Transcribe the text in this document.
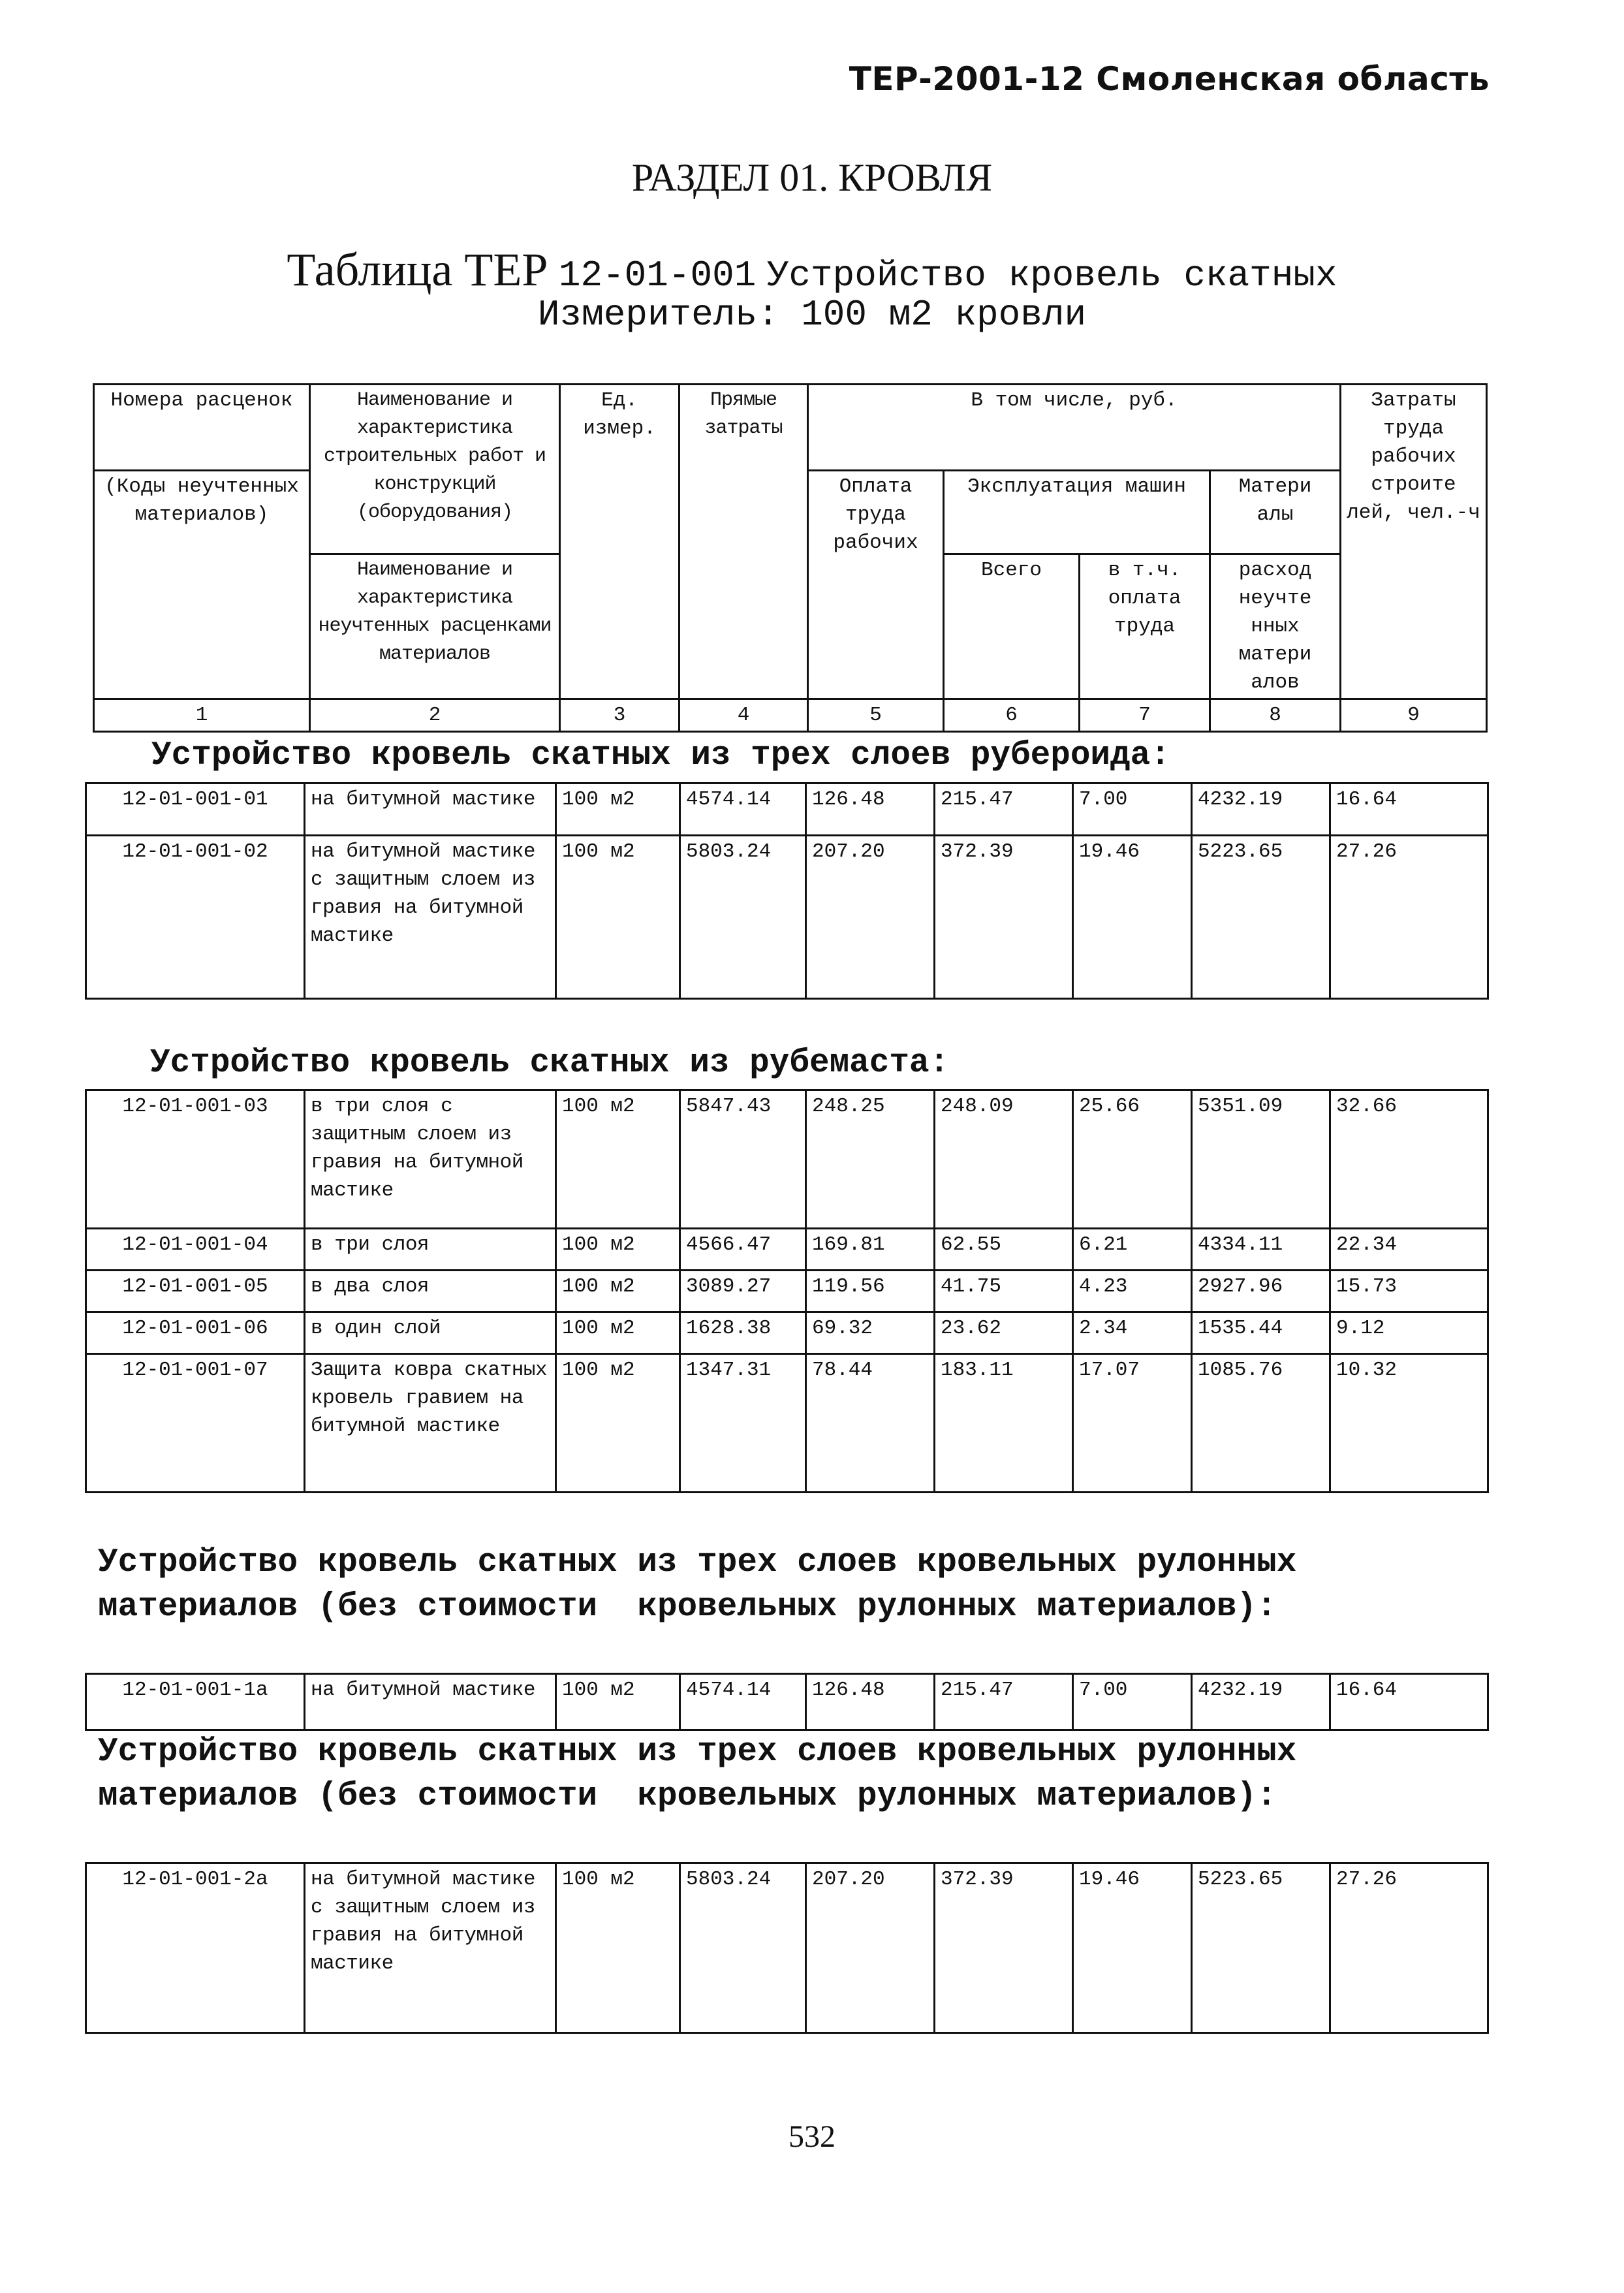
ТЕР-2001-12 Смоленская область
РАЗДЕЛ 01. КРОВЛЯ
Таблица ТЕР 12-01-001 Устройство кровель скатных
Измеритель: 100 м2 кровли
Номера расценок	Наименование и характеристика строительных работ и конструкций (оборудования)	Ед. измер.	Прямые затраты	В том числе, руб.				Затраты труда рабочих строите лей, чел.-ч
(Коды неучтенных материалов)				Оплата труда рабочих	Эксплуатация машин		Матери алы	
	Наименование и характеристика неучтенных расценками материалов				Всего	в т.ч. оплата труда	расход неучте нных матери алов	
1	2	3	4	5	6	7	8	9
Устройство кровель скатных из трех слоев рубероида:
12-01-001-01	на битумной мастике	100 м2	4574.14	126.48	215.47	7.00	4232.19	16.64
12-01-001-02	на битумной мастике с защитным слоем из гравия на битумной мастике	100 м2	5803.24	207.20	372.39	19.46	5223.65	27.26
Устройство кровель скатных из рубемаста:
12-01-001-03	в три слоя с защитным слоем из гравия на битумной мастике	100 м2	5847.43	248.25	248.09	25.66	5351.09	32.66
12-01-001-04	в три слоя	100 м2	4566.47	169.81	62.55	6.21	4334.11	22.34
12-01-001-05	в два слоя	100 м2	3089.27	119.56	41.75	4.23	2927.96	15.73
12-01-001-06	в один слой	100 м2	1628.38	69.32	23.62	2.34	1535.44	9.12
12-01-001-07	Защита ковра скатных кровель гравием на битумной мастике	100 м2	1347.31	78.44	183.11	17.07	1085.76	10.32
Устройство кровель скатных из трех слоев кровельных рулонных материалов (без стоимости  кровельных рулонных материалов):
12-01-001-1а	на битумной мастике	100 м2	4574.14	126.48	215.47	7.00	4232.19	16.64
Устройство кровель скатных из трех слоев кровельных рулонных материалов (без стоимости  кровельных рулонных материалов):
12-01-001-2а	на битумной мастике с защитным слоем из гравия на битумной мастике	100 м2	5803.24	207.20	372.39	19.46	5223.65	27.26
532
